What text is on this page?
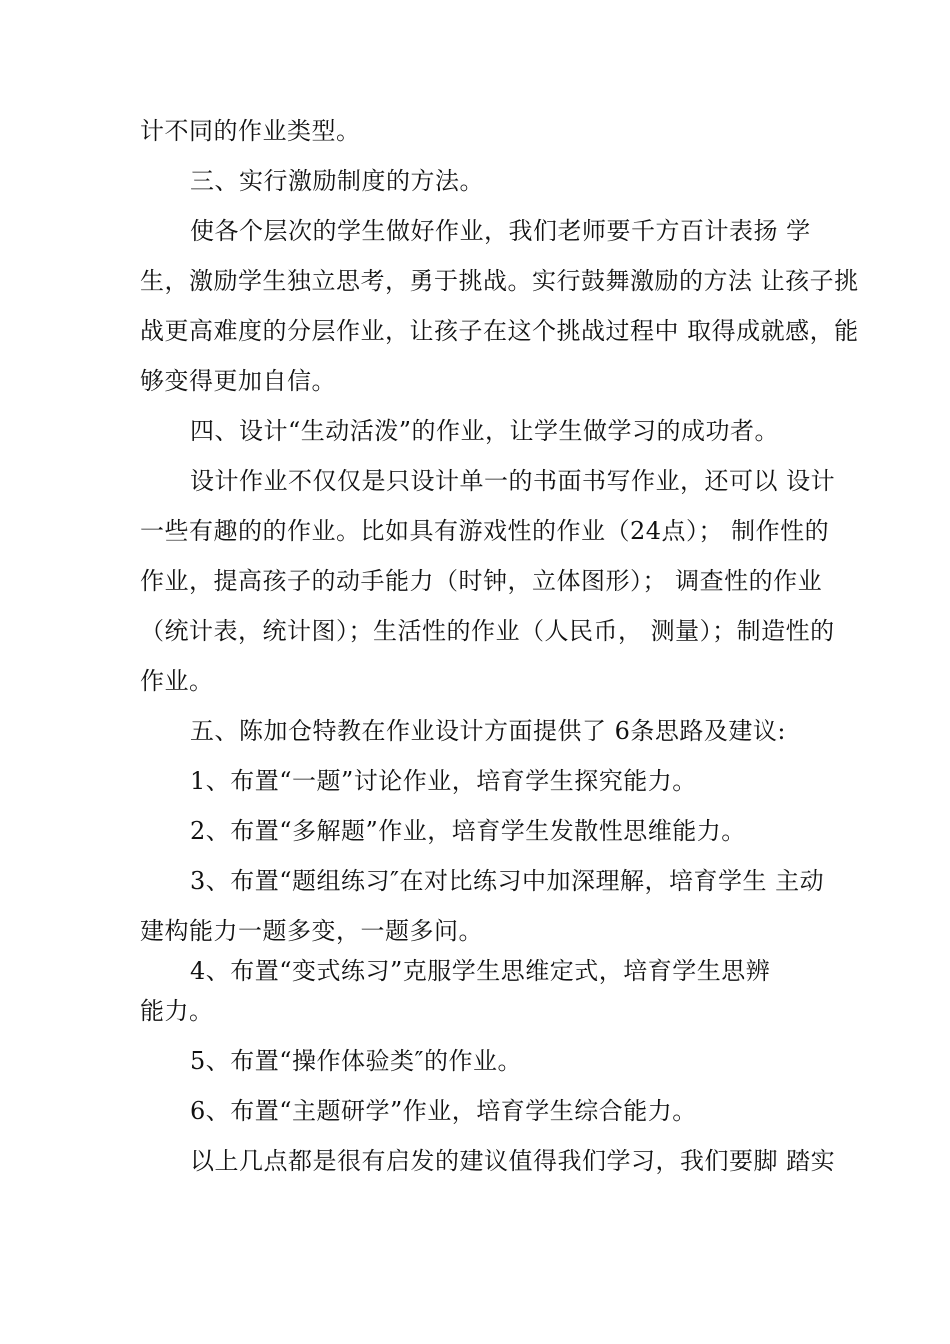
计不同的作业类型。
三、实行激励制度的方法。
使各个层次的学生做好作业，我们老师要千方百计表扬 学
生，激励学生独立思考，勇于挑战。实行鼓舞激励的方法 让孩子挑
战更高难度的分层作业，让孩子在这个挑战过程中 取得成就感，能
够变得更加自信。
四、设计“生动活泼”的作业，让学生做学习的成功者。
设计作业不仅仅是只设计单一的书面书写作业，还可以 设计
一些有趣的的作业。比如具有游戏性的作业（24点）； 制作性的
作业，提高孩子的动手能力（时钟，立体图形）； 调查性的作业
（统计表，统计图）；生活性的作业（人民币， 测量）；制造性的
作业。
五、陈加仓特教在作业设计方面提供了 6条思路及建议:
1、布置“一题”讨论作业，培育学生探究能力。
2、布置“多解题”作业，培育学生发散性思维能力。
3、布置“题组练习″在对比练习中加深理解，培育学生 主动
建构能力一题多变，一题多问。
4、布置“变式练习”克服学生思维定式，培育学生思辨
能力。
5、布置“操作体验类″的作业。
6、布置“主题研学”作业，培育学生综合能力。
以上几点都是很有启发的建议值得我们学习，我们要脚 踏实
